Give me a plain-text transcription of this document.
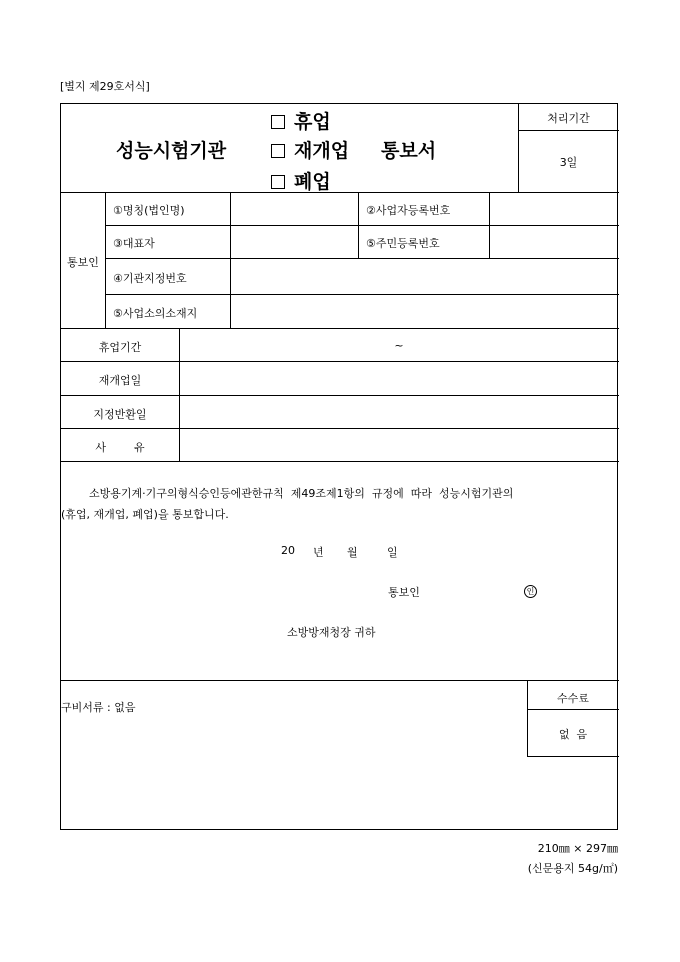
[별지 제29호서식]
성능시험기관
휴업
재개업
폐업
통보서
처리기간
3일
통보인
①명칭(법인명)	②사업자등록번호
③대표자	⑤주민등록번호
④기관지정번호
⑤사업소의소재지
휴업기간	~
재개업일
지정반환일
사        유
소방용기계·기구의형식승인등에관한규칙  제49조제1항의  규정에  따라  성능시험기관의
(휴업, 재개업, 폐업)을 통보합니다.
20 년 월	일
통보인	인
소방방재청장 귀하
구비서류 : 없음
수수료
없  음
210㎜ × 297㎜
(신문용지 54g/㎡)
